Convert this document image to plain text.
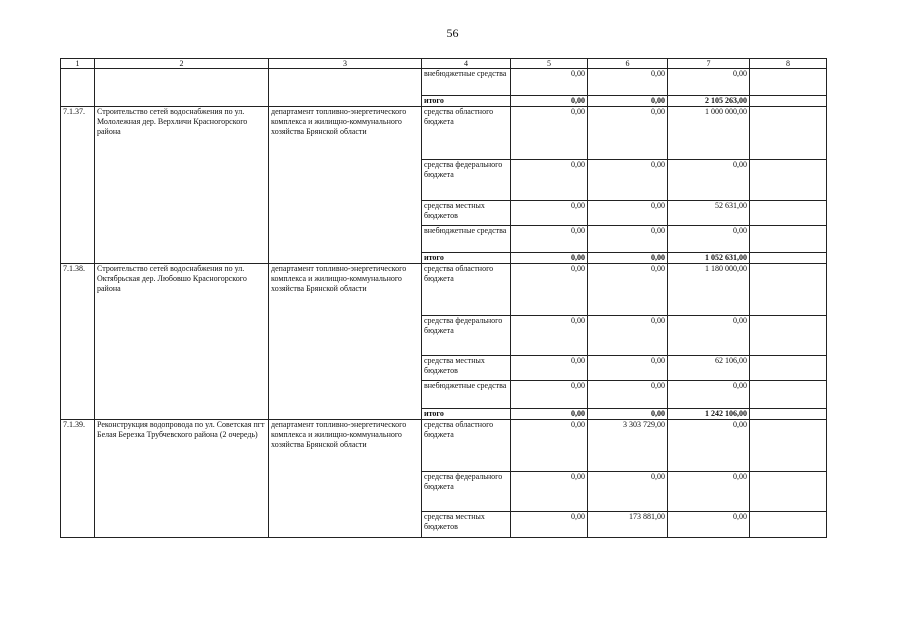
56
1	2	3	4	5	6	7	8
			внебюджетные средства	0,00	0,00	0,00	
			итого	0,00	0,00	2 105 263,00	
7.1.37.	Строительство сетей водоснабжения по ул. Мололежная дер. Верхличи Красногорского района	департамент топливно-энергетического комплекса и жилищно-коммунального хозяйства Брянской области	средства областного бюджета	0,00	0,00	1 000 000,00	
			средства федерального бюджета	0,00	0,00	0,00	
			средства местных бюджетов	0,00	0,00	52 631,00	
			внебюджетные средства	0,00	0,00	0,00	
			итого	0,00	0,00	1 052 631,00	
7.1.38.	Строительство сетей водоснабжения по ул. Октябрьская дер. Любовшо Красногорского района	департамент топливно-энергетического комплекса и жилищно-коммунального хозяйства Брянской области	средства областного бюджета	0,00	0,00	1 180 000,00	
			средства федерального бюджета	0,00	0,00	0,00	
			средства местных бюджетов	0,00	0,00	62 106,00	
			внебюджетные средства	0,00	0,00	0,00	
			итого	0,00	0,00	1 242 106,00	
7.1.39.	Реконструкция водопровода по ул. Советская пгт Белая Березка Трубчевского района (2 очередь)	департамент топливно-энергетического комплекса и жилищно-коммунального хозяйства Брянской области	средства областного бюджета	0,00	3 303 729,00	0,00	
			средства федерального бюджета	0,00	0,00	0,00	
			средства местных бюджетов	0,00	173 881,00	0,00	
